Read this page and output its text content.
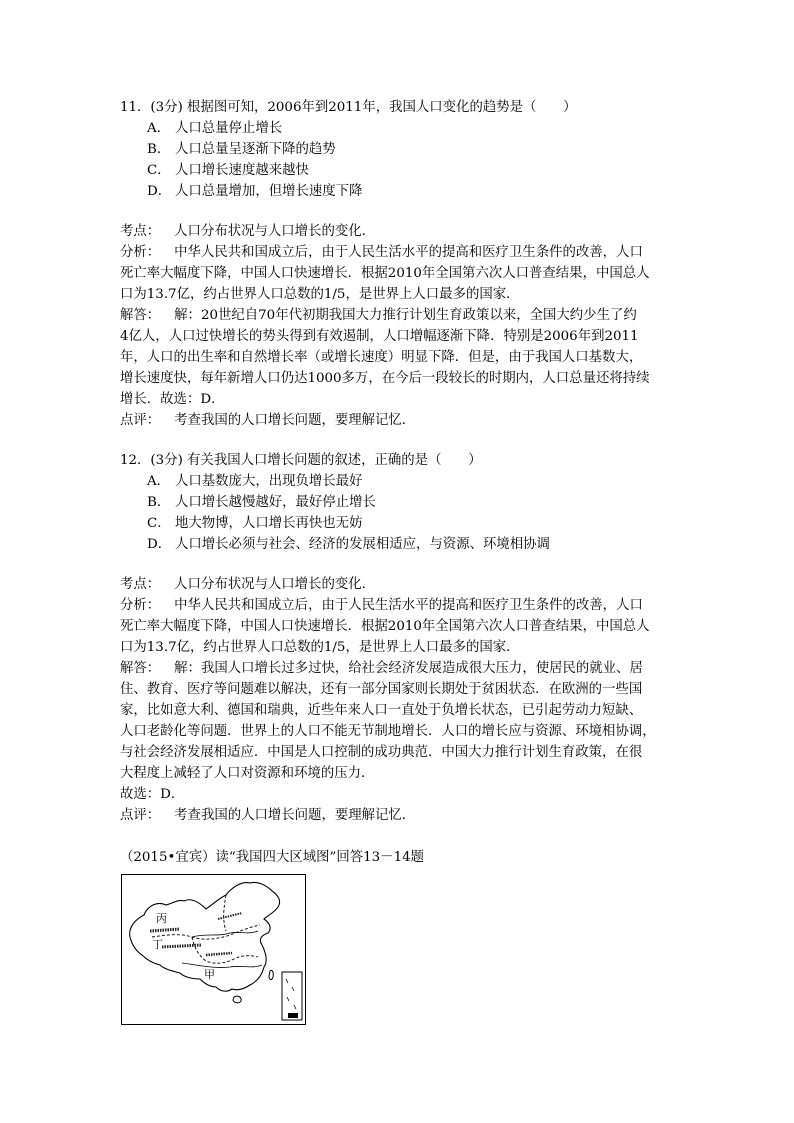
11．(3分) 根据图可知，2006年到2011年，我国人口变化的趋势是（　　）
A． 人口总量停止增长
B． 人口总量呈逐渐下降的趋势
C． 人口增长速度越来越快
D． 人口总量增加，但增长速度下降
考点： 人口分布状况与人口增长的变化．
分析： 中华人民共和国成立后，由于人民生活水平的提高和医疗卫生条件的改善，人口
死亡率大幅度下降，中国人口快速增长．根据2010年全国第六次人口普查结果，中国总人
口为13.7亿，约占世界人口总数的1/5，是世界上人口最多的国家．
解答： 解：20世纪自70年代初期我国大力推行计划生育政策以来，全国大约少生了约
4亿人，人口过快增长的势头得到有效遏制，人口增幅逐渐下降．特别是2006年到2011
年，人口的出生率和自然增长率（或增长速度）明显下降．但是，由于我国人口基数大，
增长速度快，每年新增人口仍达1000多万，在今后一段较长的时期内，人口总量还将持续
增长．故选：D．
点评： 考查我国的人口增长问题，要理解记忆．
12．(3分) 有关我国人口增长问题的叙述，正确的是（　　）
A． 人口基数庞大，出现负增长最好
B． 人口增长越慢越好，最好停止增长
C． 地大物博，人口增长再快也无妨
D． 人口增长必须与社会、经济的发展相适应，与资源、环境相协调
考点： 人口分布状况与人口增长的变化．
分析： 中华人民共和国成立后，由于人民生活水平的提高和医疗卫生条件的改善，人口
死亡率大幅度下降，中国人口快速增长．根据2010年全国第六次人口普查结果，中国总人
口为13.7亿，约占世界人口总数的1/5，是世界上人口最多的国家．
解答： 解：我国人口增长过多过快，给社会经济发展造成很大压力，使居民的就业、居
住、教育、医疗等问题难以解决，还有一部分国家则长期处于贫困状态．在欧洲的一些国
家，比如意大利、德国和瑞典，近些年来人口一直处于负增长状态，已引起劳动力短缺、
人口老龄化等问题．世界上的人口不能无节制地增长．人口的增长应与资源、环境相协调，
与社会经济发展相适应．中国是人口控制的成功典范．中国大力推行计划生育政策，在很
大程度上减轻了人口对资源和环境的压力．
故选：D．
点评： 考查我国的人口增长问题，要理解记忆．
（2015•宜宾）读“我国四大区域图”回答13－14题
丙
丁
甲
